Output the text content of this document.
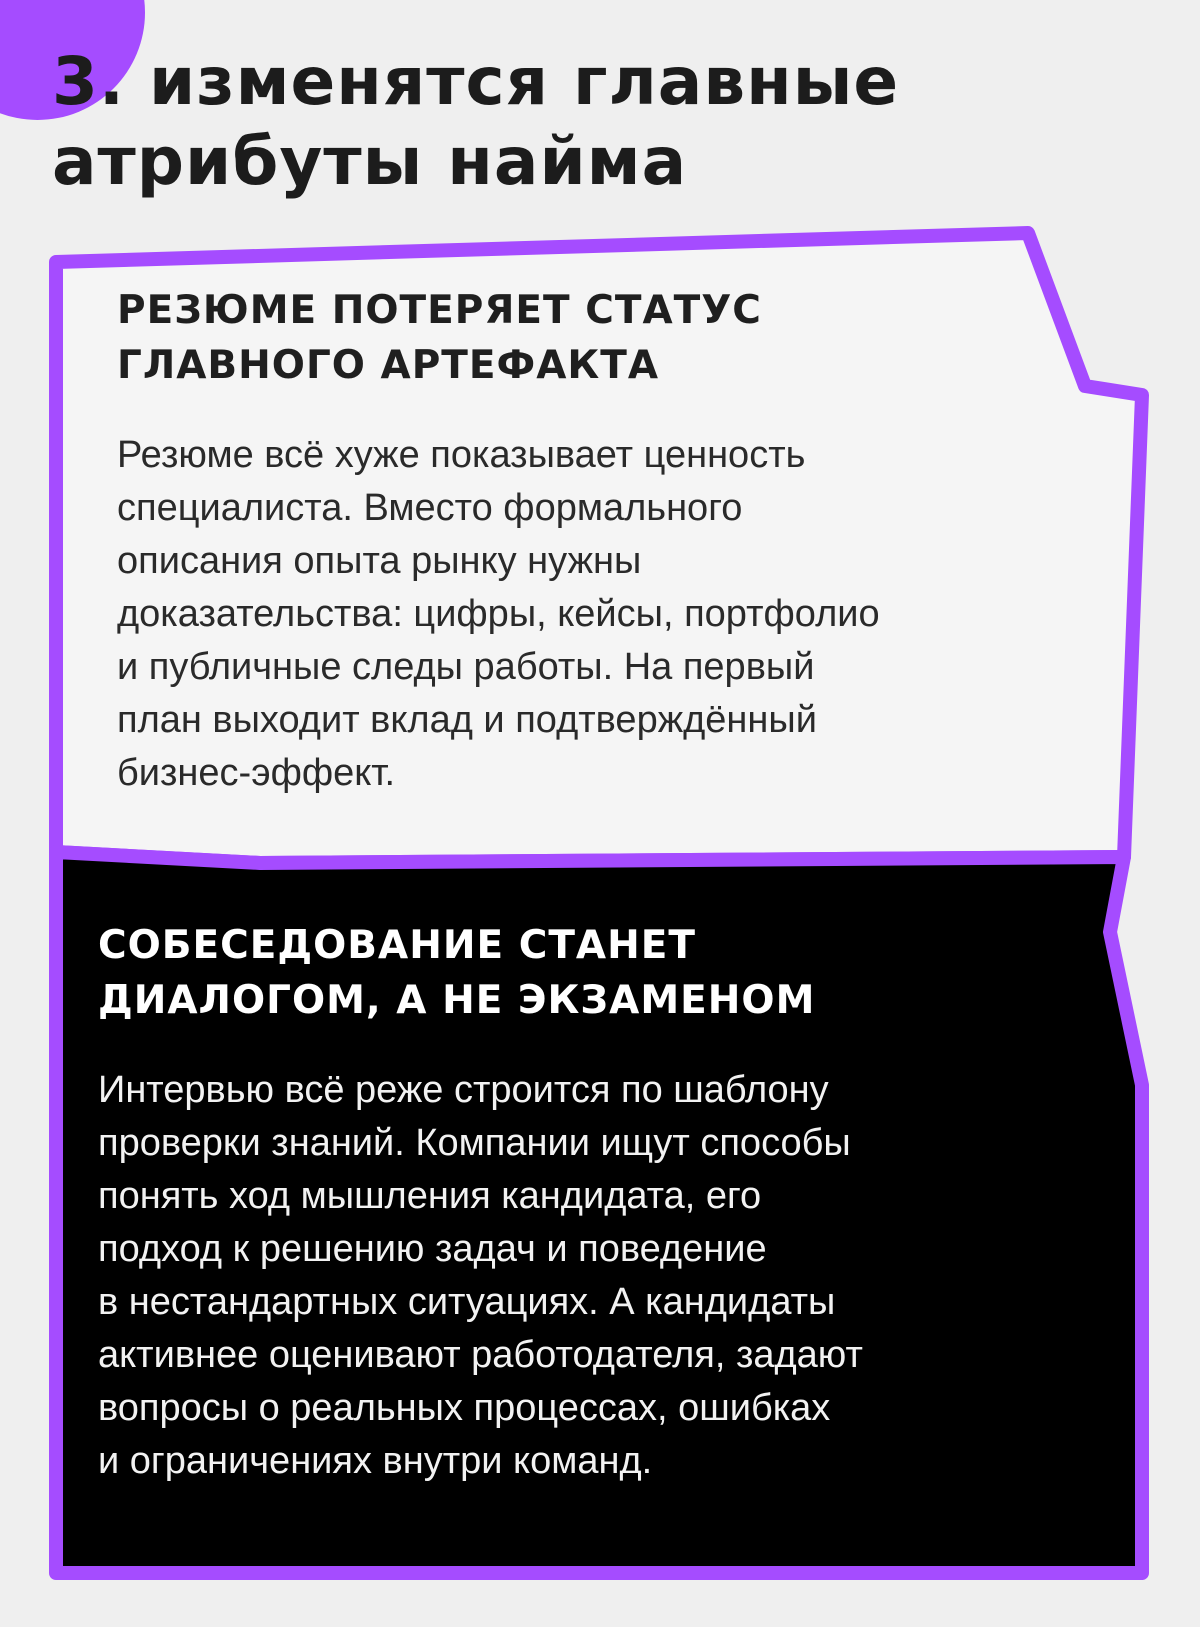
3. изменятся главные
атрибуты найма
РЕЗЮМЕ ПОТЕРЯЕТ СТАТУС
ГЛАВНОГО АРТЕФАКТА

Резюме всё хуже показывает ценность
специалиста. Вместо формального
описания опыта рынку нужны
доказательства: цифры, кейсы, портфолио
и публичные следы работы. На первый
план выходит вклад и подтверждённый
бизнес-эффект.

СОБЕСЕДОВАНИЕ СТАНЕТ
ДИАЛОГОМ, А НЕ ЭКЗАМЕНОМ

Интервью всё реже строится по шаблону
проверки знаний. Компании ищут способы
понять ход мышления кандидата, его
подход к решению задач и поведение
в нестандартных ситуациях. А кандидаты
активнее оценивают работодателя, задают
вопросы о реальных процессах, ошибках
и ограничениях внутри команд.
